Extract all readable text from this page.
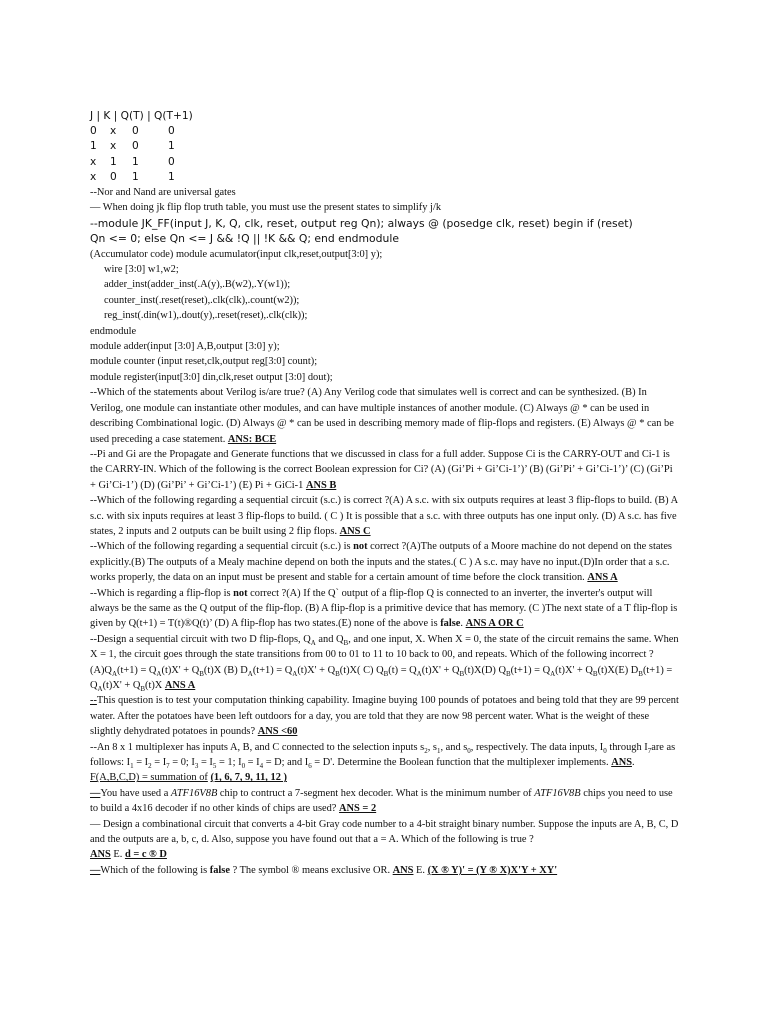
J | K | Q(T) | Q(T+1)
0	x	0	0
1	x	0	1
x	1	1	0
x	0	1	1
--Nor and Nand are universal gates
— When doing jk flip flop truth table, you must use the present states to simplify j/k
--module JK_FF(input J, K, Q, clk, reset, output reg Qn); always @ (posedge clk, reset) begin if (reset)
Qn <= 0; else Qn <= J && !Q || !K && Q; end endmodule
(Accumulator code) module acumulator(input clk,reset,output[3:0] y);
wire [3:0] w1,w2;
adder_inst(adder_inst(.A(y),.B(w2),.Y(w1));
counter_inst(.reset(reset),.clk(clk),.count(w2));
reg_inst(.din(w1),.dout(y),.reset(reset),.clk(clk));
endmodule
module adder(input [3:0] A,B,output [3:0] y);
module counter (input reset,clk,output reg[3:0] count);
module register(input[3:0] din,clk,reset output [3:0] dout);
--Which of the statements about Verilog is/are true? (A) Any Verilog code that simulates well is correct and can be synthesized. (B) In Verilog, one module can instantiate other modules, and can have multiple instances of another module. (C) Always @ * can be used in describing Combinational logic. (D) Always @ * can be used in describing memory made of flip-flops and registers. (E) Always @ * can be used preceding a case statement. ANS: BCE
--Pi and Gi are the Propagate and Generate functions that we discussed in class for a full adder. Suppose Ci is the CARRY-OUT and Ci-1 is the CARRY-IN. Which of the following is the correct Boolean expression for Ci? (A) (Gi’Pi + Gi’Ci-1’)’ (B) (Gi’Pi’ + Gi’Ci-1’)’ (C) (Gi’Pi + Gi’Ci-1’) (D) (Gi’Pi’ + Gi’Ci-1’) (E) Pi + GiCi-1 ANS B
--Which of the following regarding a sequential circuit (s.c.) is correct ?(A) A s.c. with six outputs requires at least 3 flip-flops to build. (B) A s.c. with six inputs requires at least 3 flip-flops to build. ( C ) It is possible that a s.c. with three outputs has one input only. (D) A s.c. has five states, 2 inputs and 2 outputs can be built using 2 flip flops. ANS C
--Which of the following regarding a sequential circuit (s.c.) is not correct ?(A)The outputs of a Moore machine do not depend on the states explicitly.(B) The outputs of a Mealy machine depend on both the inputs and the states.( C ) A s.c. may have no input.(D)In order that a s.c. works properly, the data on an input must be present and stable for a certain amount of time before the clock transition. ANS A
--Which is regarding a flip-flop is not correct ?(A) If the Q` output of a flip-flop Q is connected to an inverter, the inverter's output will always be the same as the Q output of the flip-flop. (B) A flip-flop is a primitive device that has memory. (C )The next state of a T flip-flop is given by Q(t+1) = T(t)®Q(t)’ (D) A flip-flop has two states.(E) none of the above is false. ANS A OR C
--Design a sequential circuit with two D flip-flops, $Q_A$ and $Q_B$, and one input, X. When X = 0, the state of the circuit remains the same. When X = 1, the circuit goes through the state transitions from 00 to 01 to 11 to 10 back to 00, and repeats. Which of the following incorrect $?(A)Q_A(t+1) = Q_A(t)X' + Q_B(t)X$ (B) $D_A(t+1) = Q_A(t)X' + Q_B(t)X$( C) $Q_B(t) = Q_A(t)X' + Q_B(t)X(D) Q_B(t+1) = Q_A(t)X' + Q_B(t)X(E) D_B(t+1) = Q_A(t)X' + Q_B(t)X$ ANS A
--This question is to test your computation thinking capability. Imagine buying 100 pounds of potatoes and being told that they are 99 percent water. After the potatoes have been left outdoors for a day, you are told that they are now 98 percent water. What is the weight of these slightly dehydrated potatoes in pounds? ANS <60
--An 8 x 1 multiplexer has inputs A, B, and C connected to the selection inputs $s_2$, $s_1$, and $s_0$, respectively. The data inputs, $I_0$ through $I_7are$ as follows: $I_1 = I_2 = I_7 = 0$; $I_3 = I_5 = 1$; $I_0 = I_4 = D$; and $I_6 = D'$. Determine the Boolean function that the multiplexer implements. ANS. F(A,B,C,D) = summation of (1, 6, 7, 9, 11, 12 )
—You have used a ATF16V8B chip to contruct a 7-segment hex decoder. What is the minimum number of ATF16V8B chips you need to use to build a 4x16 decoder if no other kinds of chips are used? ANS = 2
— Design a combinational circuit that converts a 4-bit Gray code number to a 4-bit straight binary number. Suppose the inputs are A, B, C, D and the outputs are a, b, c, d. Also, suppose you have found out that a = A. Which of the following is true ?
ANS E. d = c ® D
—Which of the following is false ? The symbol ® means exclusive OR. ANS E. (X ® Y)' = (Y ® X)X'Y + XY'
